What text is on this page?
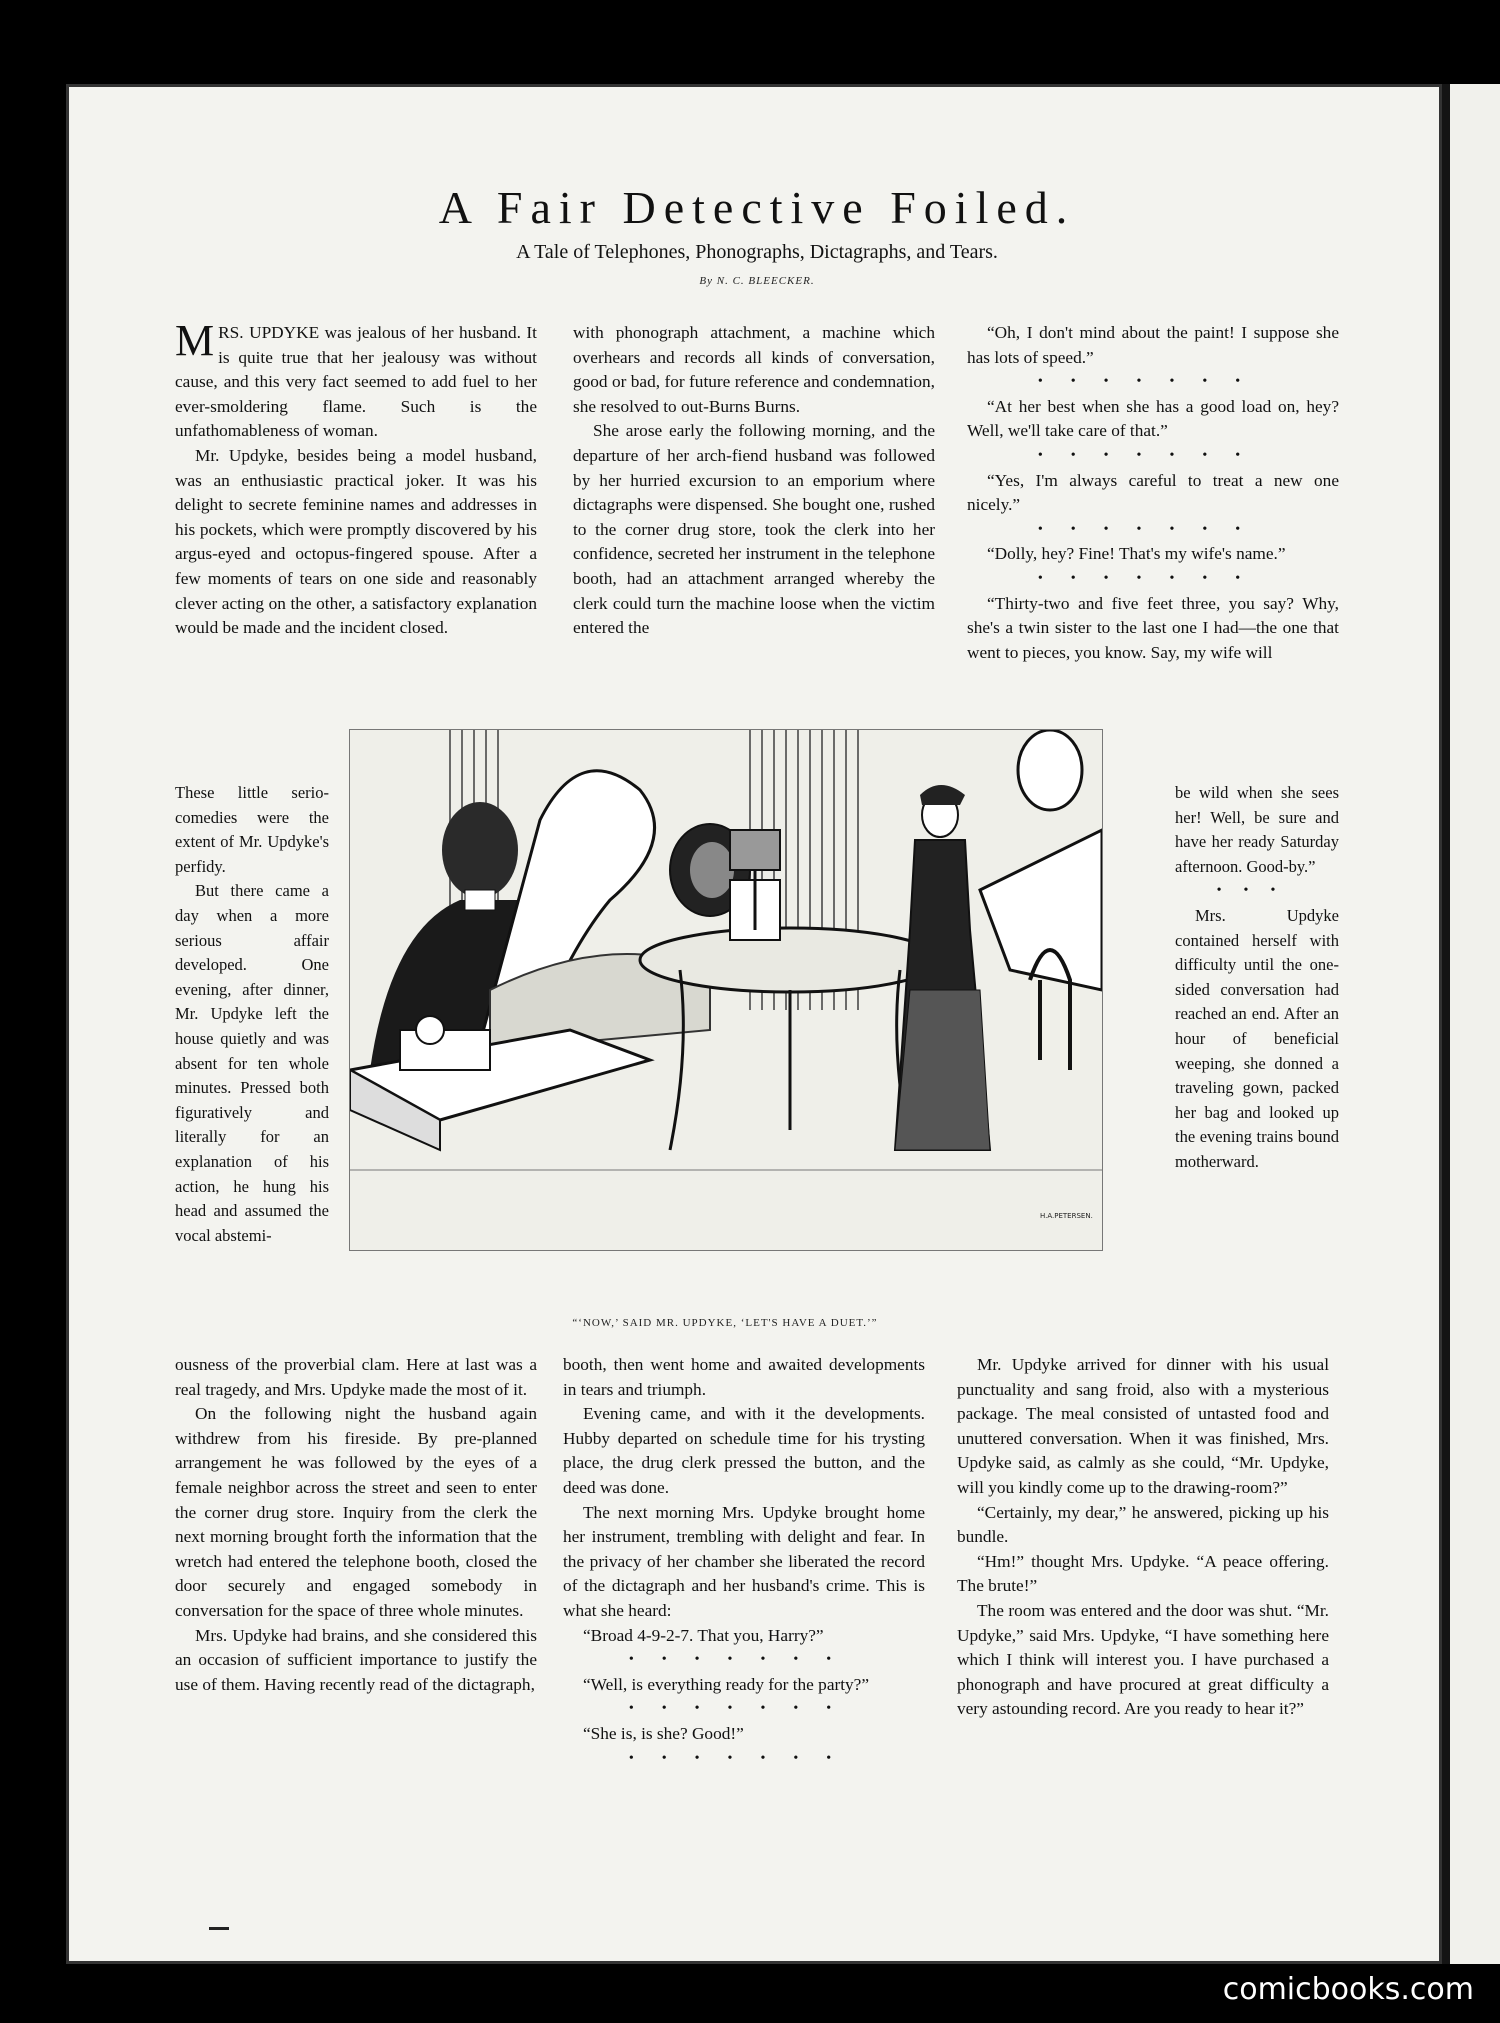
A Fair Detective Foiled.
A Tale of Telephones, Phonographs, Dictagraphs, and Tears.
By N. C. BLEECKER.

MRS. UPDYKE was jealous of her husband. It is quite true that her jealousy was without cause, and this very fact seemed to add fuel to her ever-smoldering flame. Such is the unfathomableness of woman.

Mr. Updyke, besides being a model husband, was an enthusiastic practical joker. It was his delight to secrete feminine names and addresses in his pockets, which were promptly discovered by his argus-eyed and octopus-fingered spouse. After a few moments of tears on one side and reasonably clever acting on the other, a satisfactory explanation would be made and the incident closed.

These little serio-comedies were the extent of Mr. Updyke's perfidy.

But there came a day when a more serious affair developed. One evening, after dinner, Mr. Updyke left the house quietly and was absent for ten whole minutes. Pressed both figuratively and literally for an explanation of his action, he hung his head and assumed the vocal abstemi-

ousness of the proverbial clam. Here at last was a real tragedy, and Mrs. Updyke made the most of it.

On the following night the husband again withdrew from his fireside. By pre-planned arrangement he was followed by the eyes of a female neighbor across the street and seen to enter the corner drug store. Inquiry from the clerk the next morning brought forth the information that the wretch had entered the telephone booth, closed the door securely and engaged somebody in conversation for the space of three whole minutes.

Mrs. Updyke had brains, and she considered this an occasion of sufficient importance to justify the use of them. Having recently read of the dictagraph,

with phonograph attachment, a machine which overhears and records all kinds of conversation, good or bad, for future reference and condemnation, she resolved to out-Burns Burns.

She arose early the following morning, and the departure of her arch-fiend husband was followed by her hurried excursion to an emporium where dictagraphs were dispensed. She bought one, rushed to the corner drug store, took the clerk into her confidence, secreted her instrument in the telephone booth, had an attachment arranged whereby the clerk could turn the machine loose when the victim entered the

booth, then went home and awaited developments in tears and triumph.

Evening came, and with it the developments. Hubby departed on schedule time for his trysting place, the drug clerk pressed the button, and the deed was done.

The next morning Mrs. Updyke brought home her instrument, trembling with delight and fear. In the privacy of her chamber she liberated the record of the dictagraph and her husband's crime. This is what she heard:

“Broad 4-9-2-7. That you, Harry?”

•••••••

“Well, is everything ready for the party?”

•••••••

“She is, is she? Good!”

•••••••

“Oh, I don't mind about the paint! I suppose she has lots of speed.”

•••••••

“At her best when she has a good load on, hey? Well, we'll take care of that.”

•••••••

“Yes, I'm always careful to treat a new one nicely.”

•••••••

“Dolly, hey? Fine! That's my wife's name.”

•••••••

“Thirty-two and five feet three, you say? Why, she's a twin sister to the last one I had—the one that went to pieces, you know. Say, my wife will

be wild when she sees her! Well, be sure and have her ready Saturday afternoon. Good-by.”

•••

Mrs. Updyke contained herself with difficulty until the one-sided conversation had reached an end. After an hour of beneficial weeping, she donned a traveling gown, packed her bag and looked up the evening trains bound motherward.

Mr. Updyke arrived for dinner with his usual punctuality and sang froid, also with a mysterious package. The meal consisted of untasted food and unuttered conversation. When it was finished, Mrs. Updyke said, as calmly as she could, “Mr. Updyke, will you kindly come up to the drawing-room?”

“Certainly, my dear,” he answered, picking up his bundle.

“Hm!” thought Mrs. Updyke. “A peace offering. The brute!”

The room was entered and the door was shut. “Mr. Updyke,” said Mrs. Updyke, “I have something here which I think will interest you. I have purchased a phonograph and have procured at great difficulty a very astounding record. Are you ready to hear it?”

H.A.PETERSEN.
“‘NOW,’ SAID MR. UPDYKE, ‘LET'S HAVE A DUET.’”
comicbooks.com
